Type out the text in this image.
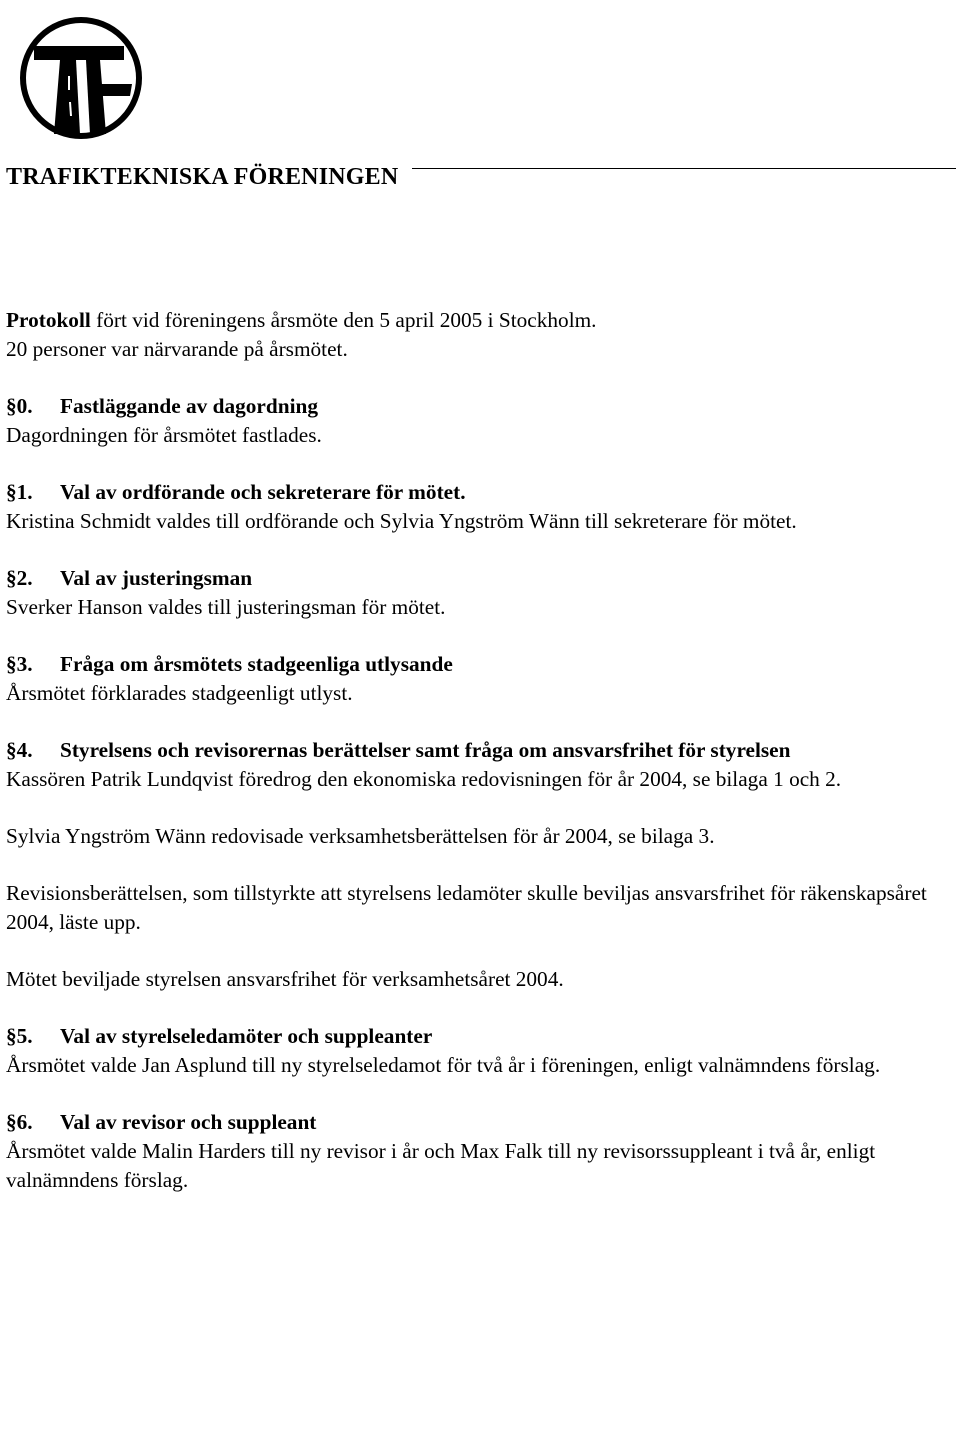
TRAFIKTEKNISKA FÖRENINGEN
Protokoll fört vid föreningens årsmöte den 5 april 2005 i Stockholm.
20 personer var närvarande på årsmötet.
§0. Fastläggande av dagordning
Dagordningen för årsmötet fastlades.
§1. Val av ordförande och sekreterare för mötet.
Kristina Schmidt valdes till ordförande och Sylvia Yngström Wänn till sekreterare för mötet.
§2. Val av justeringsman
Sverker Hanson valdes till justeringsman för mötet.
§3. Fråga om årsmötets stadgeenliga utlysande
Årsmötet förklarades stadgeenligt utlyst.
§4. Styrelsens och revisorernas berättelser samt fråga om ansvarsfrihet för styrelsen
Kassören Patrik Lundqvist föredrog den ekonomiska redovisningen för år 2004, se bilaga 1 och 2.
Sylvia Yngström Wänn redovisade verksamhetsberättelsen för år 2004, se bilaga 3.
Revisionsberättelsen, som tillstyrkte att styrelsens ledamöter skulle beviljas ansvarsfrihet för räkenskapsåret 2004, läste upp.
Mötet beviljade styrelsen ansvarsfrihet för verksamhetsåret 2004.
§5. Val av styrelseledamöter och suppleanter
Årsmötet valde Jan Asplund till ny styrelseledamot för två år i föreningen, enligt valnämndens förslag.
§6. Val av revisor och suppleant
Årsmötet valde Malin Harders till ny revisor i år och Max Falk till ny revisorssuppleant i två år, enligt valnämndens förslag.
